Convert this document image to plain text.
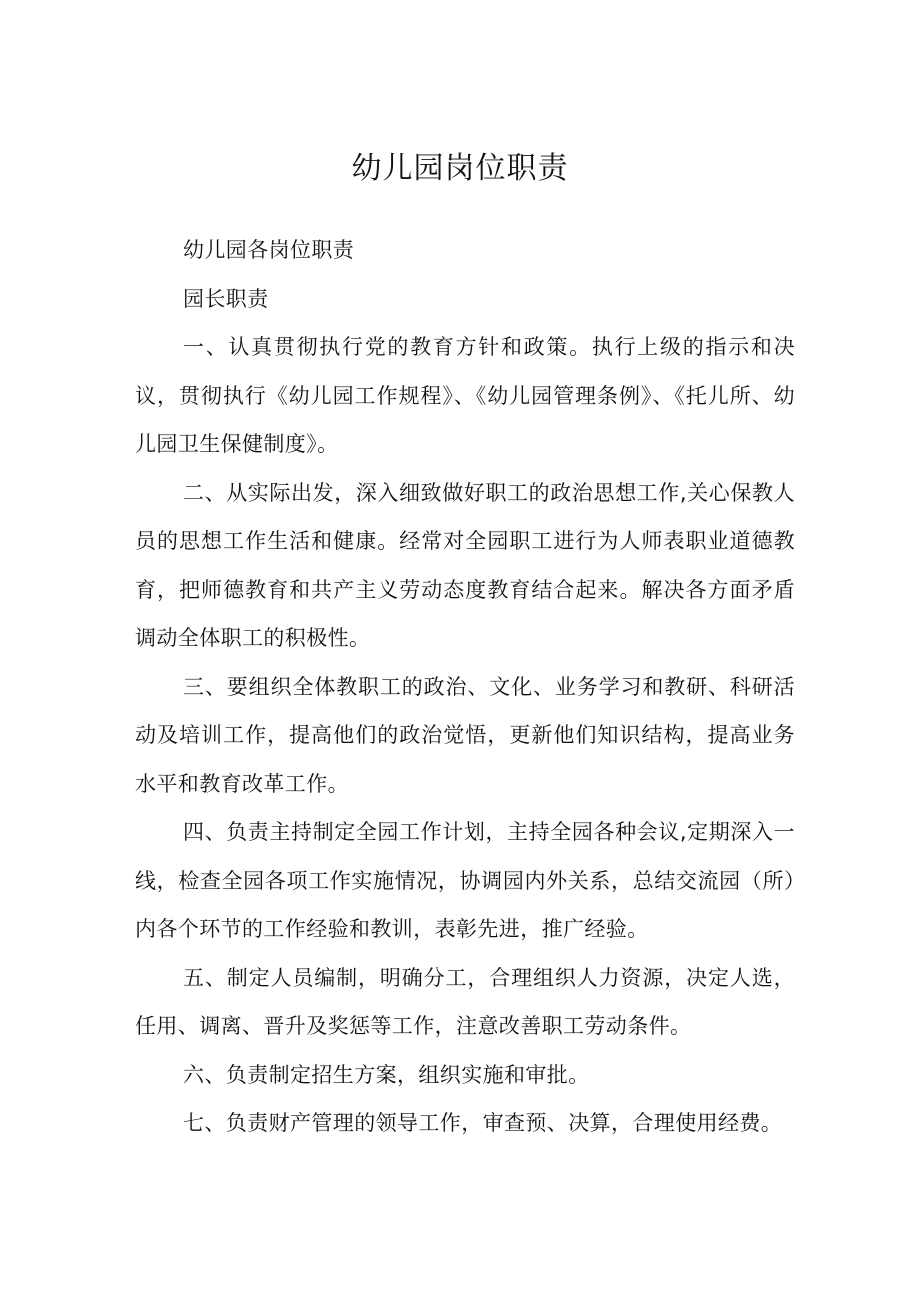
幼儿园岗位职责

幼儿园各岗位职责

园长职责

一、认真贯彻执行党的教育方针和政策。执行上级的指示和决议，贯彻执行《幼儿园工作规程》、《幼儿园管理条例》、《托儿所、幼儿园卫生保健制度》。

二、从实际出发，深入细致做好职工的政治思想工作,关心保教人员的思想工作生活和健康。经常对全园职工进行为人师表职业道德教育，把师德教育和共产主义劳动态度教育结合起来。解决各方面矛盾调动全体职工的积极性。

三、要组织全体教职工的政治、文化、业务学习和教研、科研活动及培训工作，提高他们的政治觉悟，更新他们知识结构，提高业务水平和教育改革工作。

四、负责主持制定全园工作计划，主持全园各种会议,定期深入一线，检查全园各项工作实施情况，协调园内外关系，总结交流园（所）内各个环节的工作经验和教训，表彰先进，推广经验。

五、制定人员编制，明确分工，合理组织人力资源，决定人选，任用、调离、晋升及奖惩等工作，注意改善职工劳动条件。

六、负责制定招生方案，组织实施和审批。

七、负责财产管理的领导工作，审查预、决算，合理使用经费。
